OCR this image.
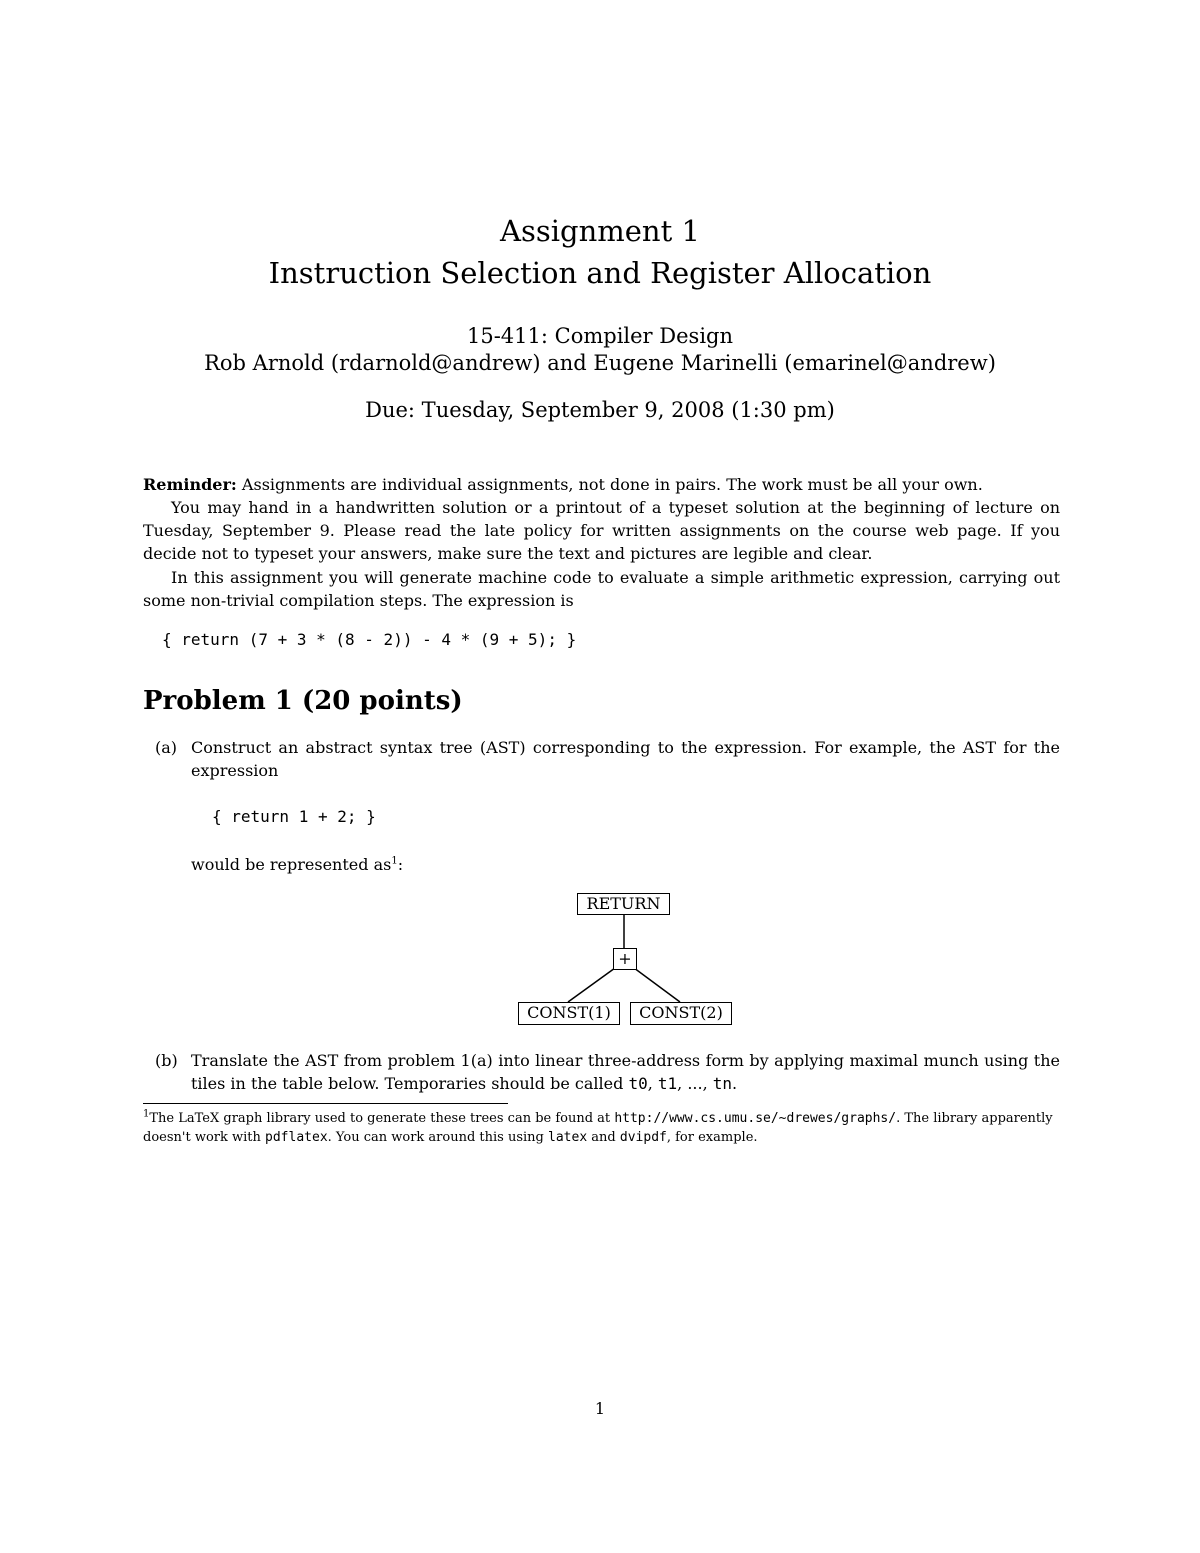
Assignment 1
Instruction Selection and Register Allocation
15-411: Compiler Design
Rob Arnold (rdarnold@andrew) and Eugene Marinelli (emarinel@andrew)
Due: Tuesday, September 9, 2008 (1:30 pm)
Reminder: Assignments are individual assignments, not done in pairs. The work must be all your own.
You may hand in a handwritten solution or a printout of a typeset solution at the beginning of lecture on Tuesday, September 9. Please read the late policy for written assignments on the course web page. If you decide not to typeset your answers, make sure the text and pictures are legible and clear.
In this assignment you will generate machine code to evaluate a simple arithmetic expression, carrying out some non-trivial compilation steps. The expression is
{ return (7 + 3 * (8 - 2)) - 4 * (9 + 5); }
Problem 1 (20 points)
(a) Construct an abstract syntax tree (AST) corresponding to the expression. For example, the AST for the expression
{ return 1 + 2; }
would be represented $as^1$:
RETURN
+
CONST(1)	CONST(2)
(b) Translate the AST from problem 1(a) into linear three-address form by applying maximal munch using the tiles in the table below. Temporaries should be called t0, t1, ..., tn.
$^1$The LaTeX graph library used to generate these trees can be found at http://www.cs.umu.se/~drewes/graphs/. The library apparently doesn't work with pdflatex. You can work around this using latex and dvipdf, for example.
1
